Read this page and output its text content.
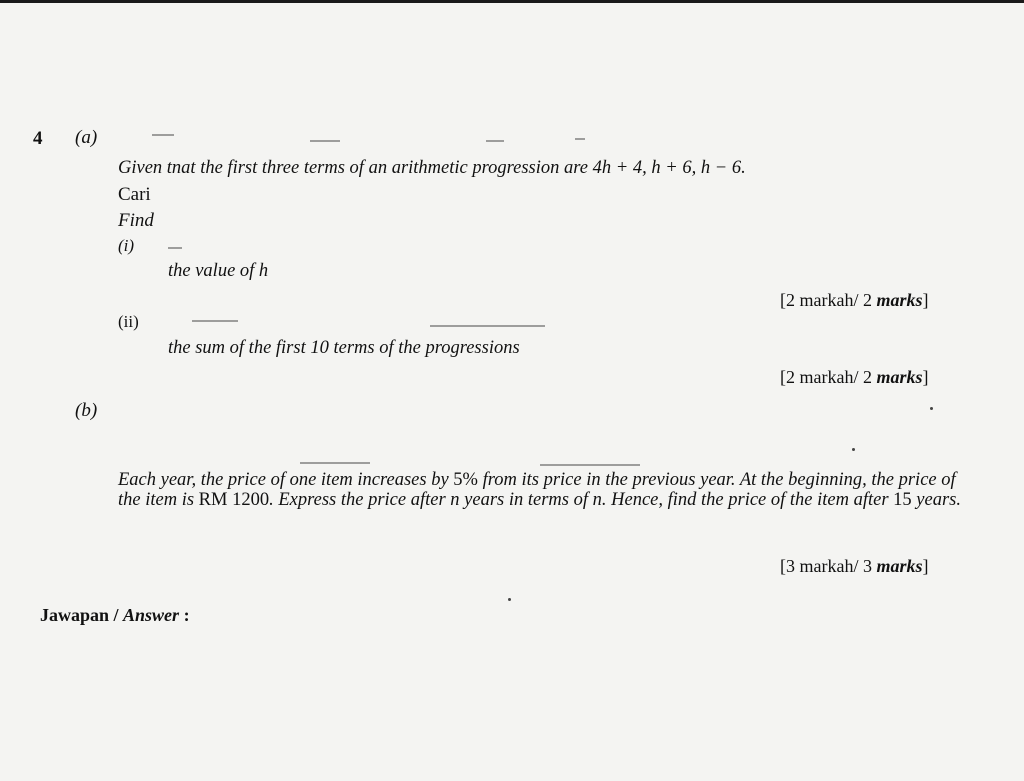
4 (a)
Given tnat the first three terms of an arithmetic progression are 4h + 4, h + 6, h − 6.
Cari
Find
(i)
the value of h
[2 markah/ 2 marks]
(ii)
the sum of the first 10 terms of the progressions
[2 markah/ 2 marks]
(b)
Each year, the price of one item increases by 5% from its price in the previous year. At the beginning, the price of the item is RM 1200. Express the price after n years in terms of n. Hence, find the price of the item after 15 years.
[3 markah/ 3 marks]
Jawapan / Answer :
